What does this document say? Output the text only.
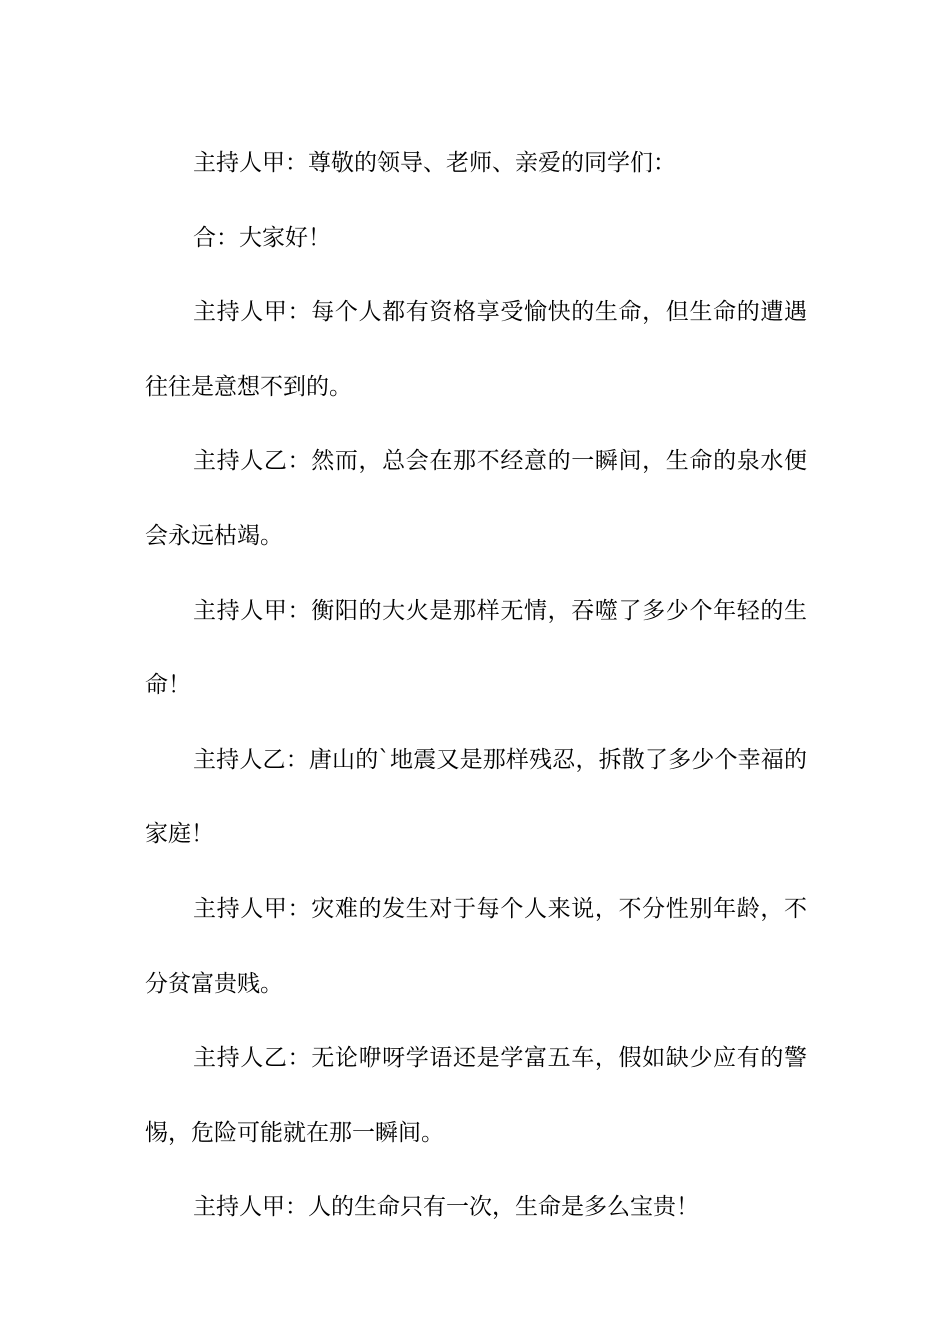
主持人甲：尊敬的领导、老师、亲爱的同学们：

合：大家好！

主持人甲：每个人都有资格享受愉快的生命，但生命的遭遇往往是意想不到的。

主持人乙：然而，总会在那不经意的一瞬间，生命的泉水便会永远枯竭。

主持人甲：衡阳的大火是那样无情，吞噬了多少个年轻的生命！

主持人乙：唐山的`地震又是那样残忍，拆散了多少个幸福的家庭！

主持人甲：灾难的发生对于每个人来说，不分性别年龄，不分贫富贵贱。

主持人乙：无论咿呀学语还是学富五车，假如缺少应有的警惕，危险可能就在那一瞬间。

主持人甲：人的生命只有一次，生命是多么宝贵！
